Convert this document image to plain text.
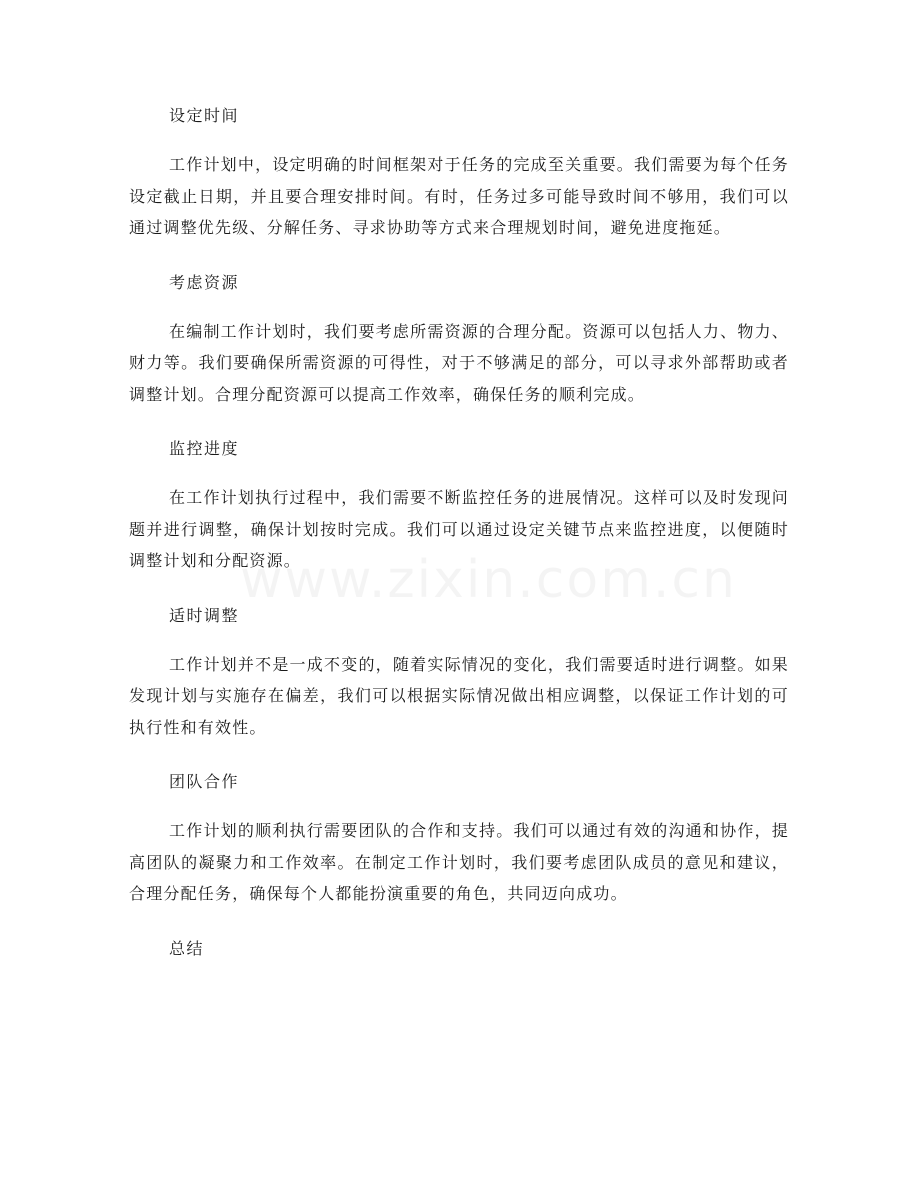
设定时间

工作计划中，设定明确的时间框架对于任务的完成至关重要。我们需要为每个任务设定截止日期，并且要合理安排时间。有时，任务过多可能导致时间不够用，我们可以通过调整优先级、分解任务、寻求协助等方式来合理规划时间，避免进度拖延。

考虑资源

在编制工作计划时，我们要考虑所需资源的合理分配。资源可以包括人力、物力、财力等。我们要确保所需资源的可得性，对于不够满足的部分，可以寻求外部帮助或者调整计划。合理分配资源可以提高工作效率，确保任务的顺利完成。

监控进度

在工作计划执行过程中，我们需要不断监控任务的进展情况。这样可以及时发现问题并进行调整，确保计划按时完成。我们可以通过设定关键节点来监控进度，以便随时调整计划和分配资源。

适时调整

工作计划并不是一成不变的，随着实际情况的变化，我们需要适时进行调整。如果发现计划与实施存在偏差，我们可以根据实际情况做出相应调整，以保证工作计划的可执行性和有效性。

团队合作

工作计划的顺利执行需要团队的合作和支持。我们可以通过有效的沟通和协作，提高团队的凝聚力和工作效率。在制定工作计划时，我们要考虑团队成员的意见和建议，合理分配任务，确保每个人都能扮演重要的角色，共同迈向成功。

总结
